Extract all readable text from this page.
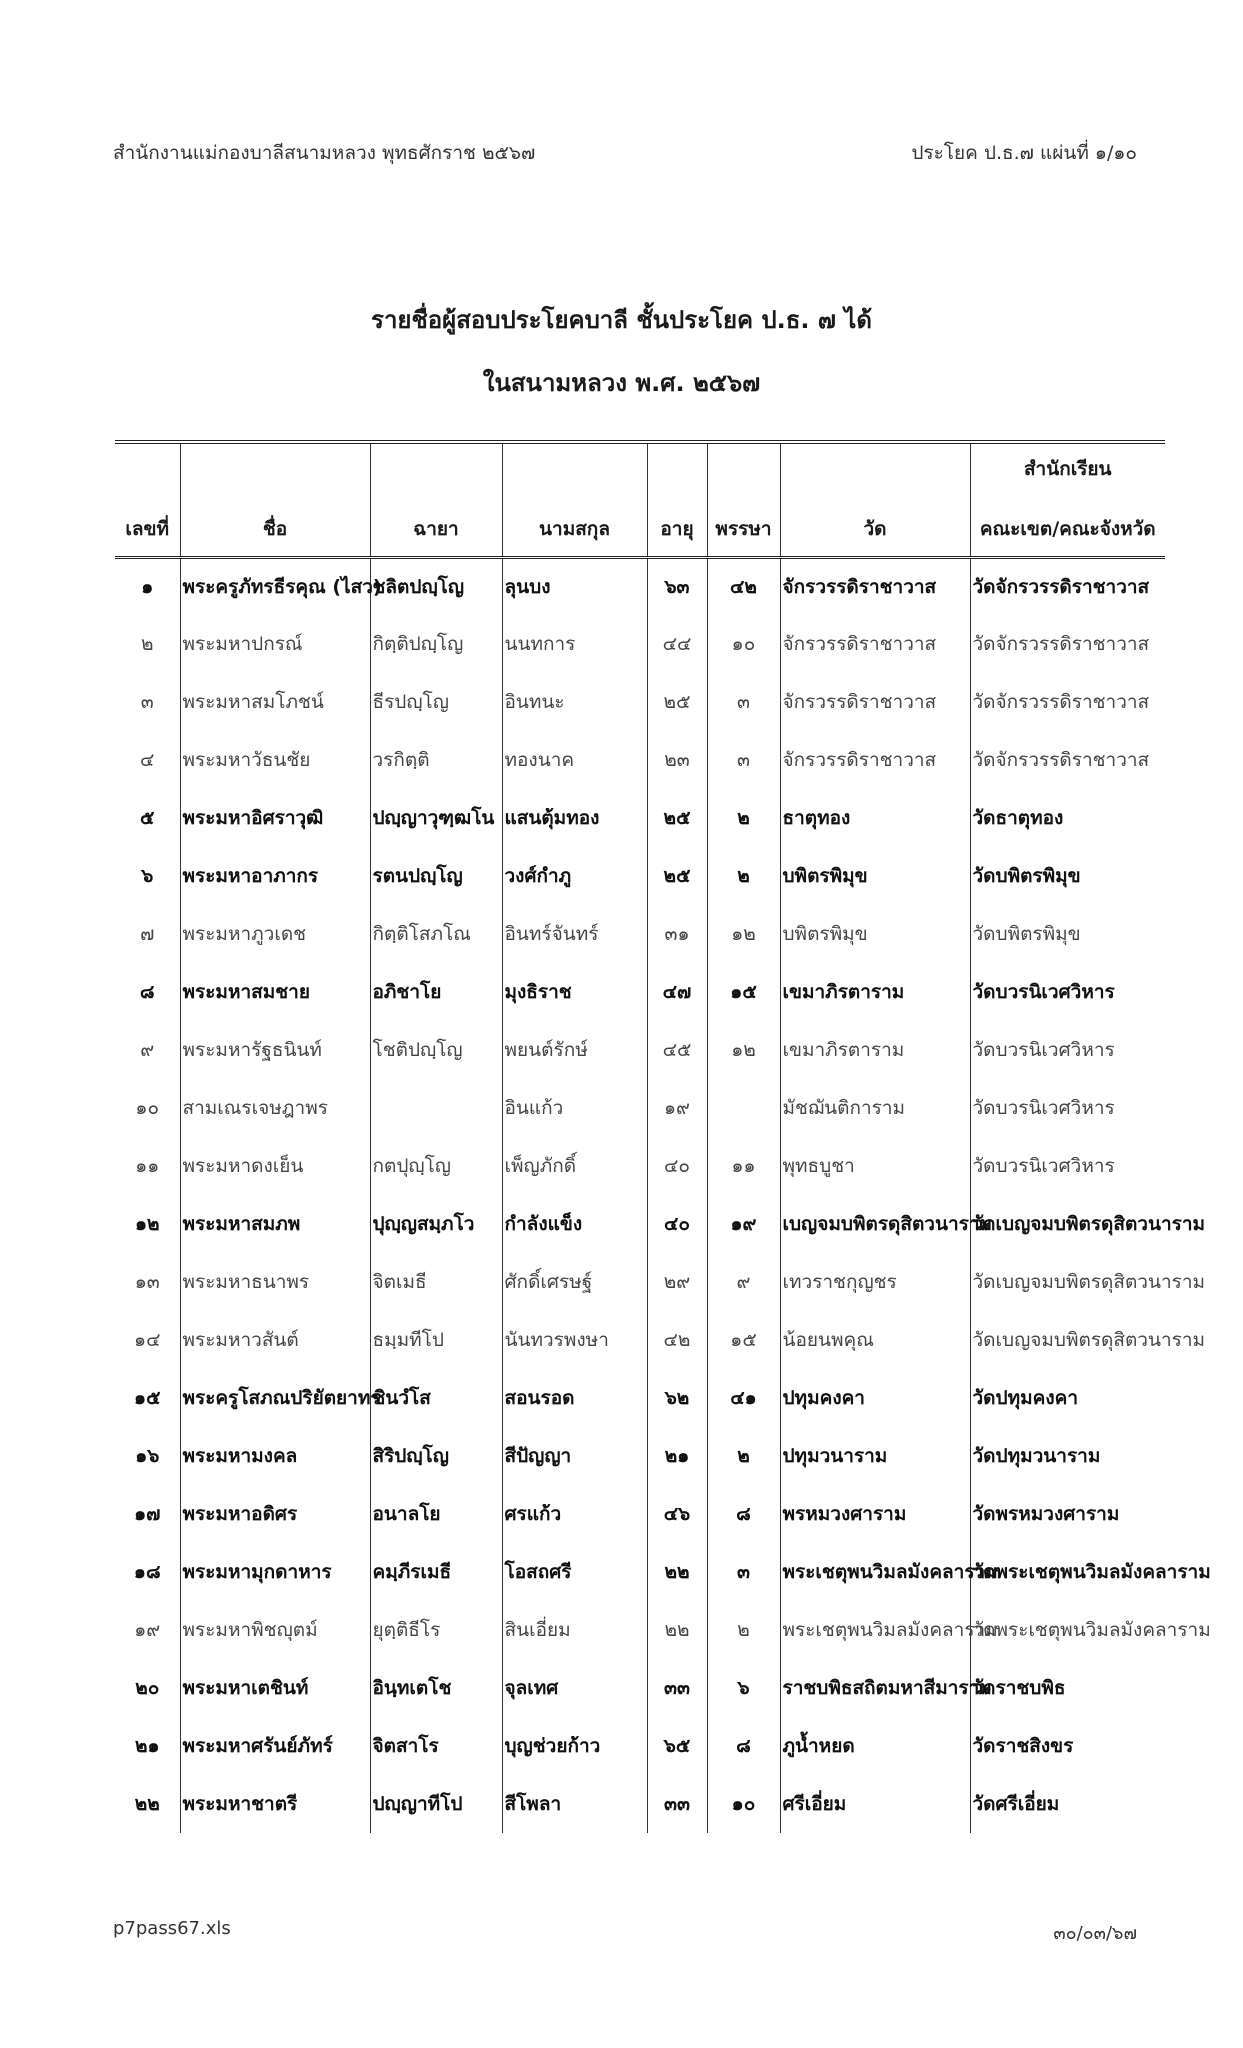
สำนักงานแม่กองบาลีสนามหลวง พุทธศักราช ๒๕๖๗	ประโยค ป.ธ.๗ แผ่นที่ ๑/๑๐
รายชื่อผู้สอบประโยคบาลี ชั้นประโยค ป.ธ. ๗ ได้
ในสนามหลวง พ.ศ. ๒๕๖๗
เลขที่	ชื่อ	ฉายา	นามสกุล	อายุ	พรรษา	วัด	สำนักเรียน
คณะเขต/คณะจังหวัด

๑	พระครูภัทรธีรคุณ (ไสว)	ชลิตปญฺโญ	ลุนบง	๖๓	๔๒	จักรวรรดิราชาวาส	วัดจักรวรรดิราชาวาส
๒	พระมหาปกรณ์	กิตฺติปญฺโญ	นนทการ	๔๔	๑๐	จักรวรรดิราชาวาส	วัดจักรวรรดิราชาวาส
๓	พระมหาสมโภชน์	ธีรปญฺโญ	อินทนะ	๒๕	๓	จักรวรรดิราชาวาส	วัดจักรวรรดิราชาวาส
๔	พระมหาวัธนชัย	วรกิตฺติ	ทองนาค	๒๓	๓	จักรวรรดิราชาวาส	วัดจักรวรรดิราชาวาส
๕	พระมหาอิศราวุฒิ	ปญฺญาวุฑฺฒโน	แสนตุ้มทอง	๒๕	๒	ธาตุทอง	วัดธาตุทอง
๖	พระมหาอาภากร	รตนปญฺโญ	วงศ์กำภู	๒๕	๒	บพิตรพิมุข	วัดบพิตรพิมุข
๗	พระมหาภูวเดช	กิตฺติโสภโณ	อินทร์จันทร์	๓๑	๑๒	บพิตรพิมุข	วัดบพิตรพิมุข
๘	พระมหาสมชาย	อภิชาโย	มุงธิราช	๔๗	๑๕	เขมาภิรตาราม	วัดบวรนิเวศวิหาร
๙	พระมหารัฐธนินท์	โชติปญฺโญ	พยนต์รักษ์	๔๕	๑๒	เขมาภิรตาราม	วัดบวรนิเวศวิหาร
๑๐	สามเณรเจษฎาพร		อินแก้ว	๑๙		มัชฌันติการาม	วัดบวรนิเวศวิหาร
๑๑	พระมหาดงเย็น	กตปุญฺโญ	เพ็ญภักดิ์	๔๐	๑๑	พุทธบูชา	วัดบวรนิเวศวิหาร
๑๒	พระมหาสมภพ	ปุญฺญสมฺภโว	กำลังแข็ง	๔๐	๑๙	เบญจมบพิตรดุสิตวนาราม	วัดเบญจมบพิตรดุสิตวนาราม
๑๓	พระมหาธนาพร	จิตเมธี	ศักดิ์เศรษฐ์	๒๙	๙	เทวราชกุญชร	วัดเบญจมบพิตรดุสิตวนาราม
๑๔	พระมหาวสันต์	ธมฺมทีโป	นันทวรพงษา	๔๒	๑๕	น้อยนพคุณ	วัดเบญจมบพิตรดุสิตวนาราม
๑๕	พระครูโสภณปริยัตยาทร	ชินวํโส	สอนรอด	๖๒	๔๑	ปทุมคงคา	วัดปทุมคงคา
๑๖	พระมหามงคล	สิริปญฺโญ	สีปัญญา	๒๑	๒	ปทุมวนาราม	วัดปทุมวนาราม
๑๗	พระมหาอดิศร	อนาลโย	ศรแก้ว	๔๖	๘	พรหมวงศาราม	วัดพรหมวงศาราม
๑๘	พระมหามุกดาหาร	คมฺภีรเมธี	โอสถศรี	๒๒	๓	พระเชตุพนวิมลมังคลาราม	วัดพระเชตุพนวิมลมังคลาราม
๑๙	พระมหาพิชญุตม์	ยุตฺติธีโร	สินเอี่ยม	๒๒	๒	พระเชตุพนวิมลมังคลาราม	วัดพระเชตุพนวิมลมังคลาราม
๒๐	พระมหาเตชินท์	อินฺทเตโช	จุลเทศ	๓๓	๖	ราชบพิธสถิตมหาสีมาราม	วัดราชบพิธ
๒๑	พระมหาศรันย์ภัทร์	จิตสาโร	บุญช่วยก้าว	๖๕	๘	ภูน้ำหยด	วัดราชสิงขร
๒๒	พระมหาชาตรี	ปญฺญาทีโป	สีโพลา	๓๓	๑๐	ศรีเอี่ยม	วัดศรีเอี่ยม
p7pass67.xls	๓๐/๐๓/๖๗
